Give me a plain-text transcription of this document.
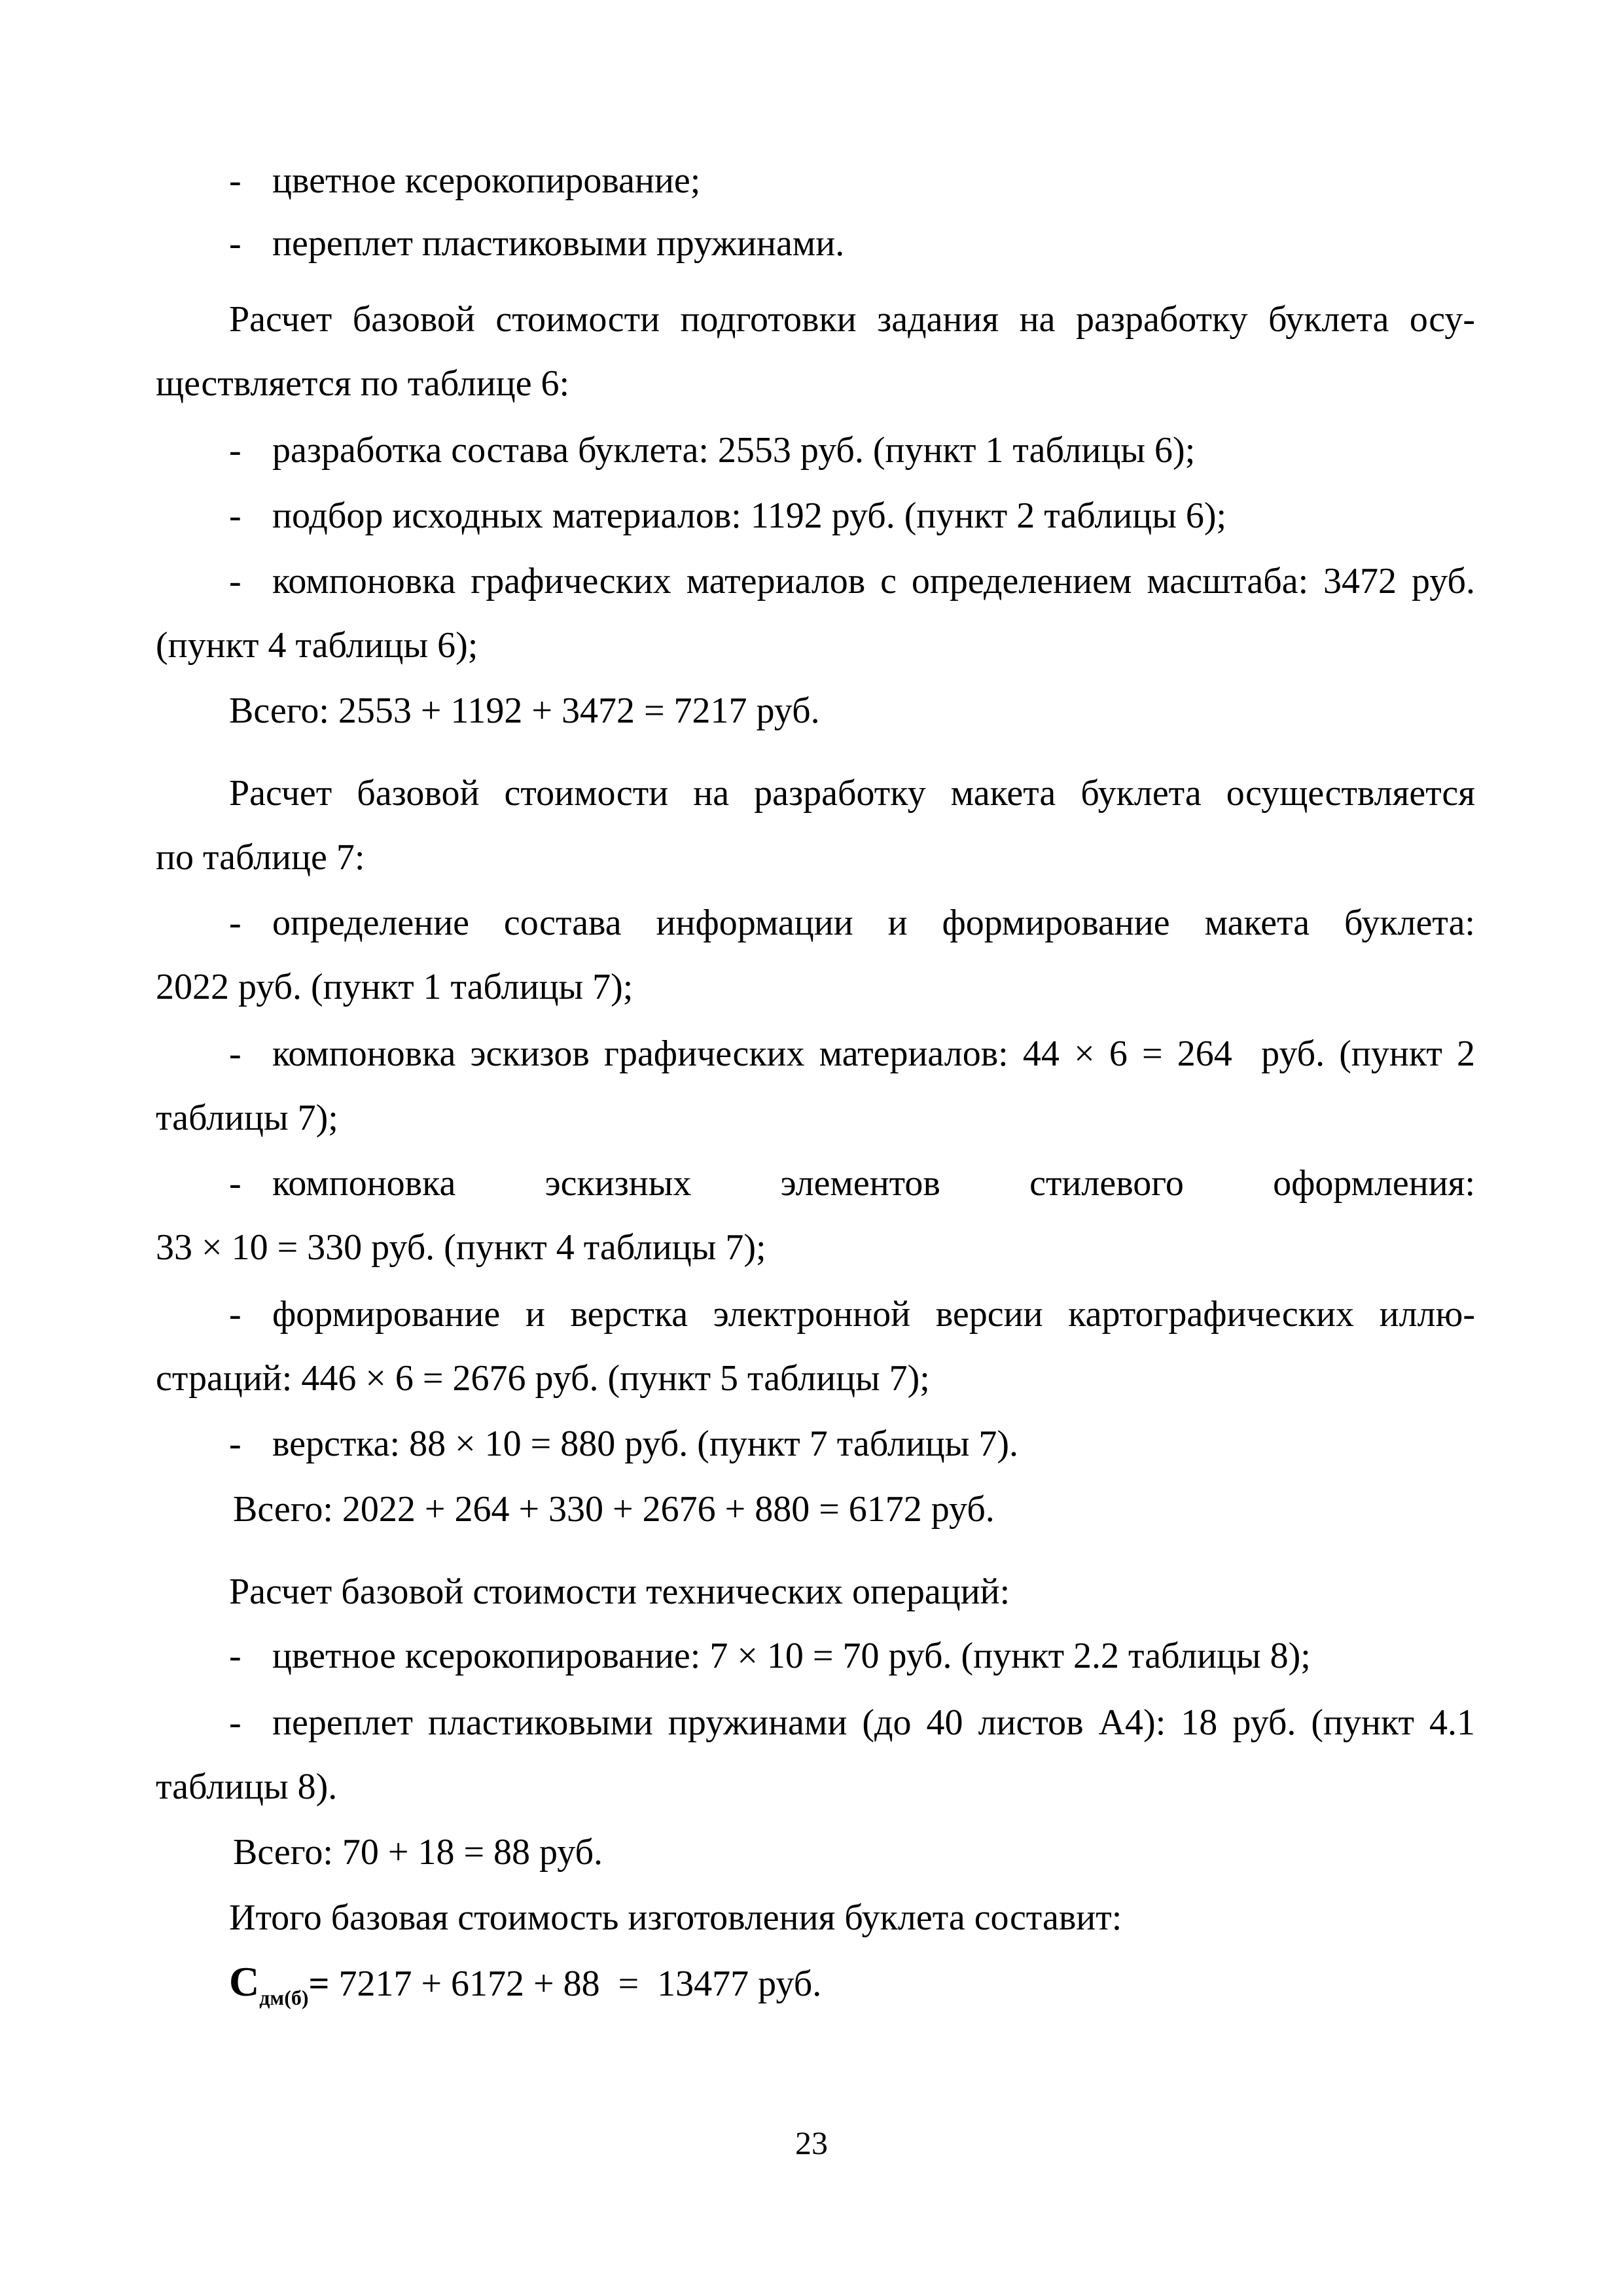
- цветное ксерокопирование;
- переплет пластиковыми пружинами.
Расчет базовой стоимости подготовки задания на разработку буклета осу-
ществляется по таблице 6:
- разработка состава буклета: 2553 руб. (пункт 1 таблицы 6);
- подбор исходных материалов: 1192 руб. (пункт 2 таблицы 6);
- компоновка графических материалов с определением масштаба: 3472 руб.
(пункт 4 таблицы 6);
Всего: 2553 + 1192 + 3472 = 7217 руб.
Расчет базовой стоимости на разработку макета буклета осуществляется
по таблице 7:
- определение состава информации и формирование макета буклета:
2022 руб. (пункт 1 таблицы 7);
- компоновка эскизов графических материалов: 44 × 6 = 264  руб. (пункт 2
таблицы 7);
- компоновка эскизных элементов стилевого оформления:
33 × 10 = 330 руб. (пункт 4 таблицы 7);
- формирование и верстка электронной версии картографических иллю-
страций: 446 × 6 = 2676 руб. (пункт 5 таблицы 7);
- верстка: 88 × 10 = 880 руб. (пункт 7 таблицы 7).
Всего: 2022 + 264 + 330 + 2676 + 880 = 6172 руб.
Расчет базовой стоимости технических операций:
- цветное ксерокопирование: 7 × 10 = 70 руб. (пункт 2.2 таблицы 8);
- переплет пластиковыми пружинами (до 40 листов А4): 18 руб. (пункт 4.1
таблицы 8).
Всего: 70 + 18 = 88 руб.
Итого базовая стоимость изготовления буклета составит:
$С_{дм(б)}= 7217 + 6172 + 88 = 13477$ руб.
23
